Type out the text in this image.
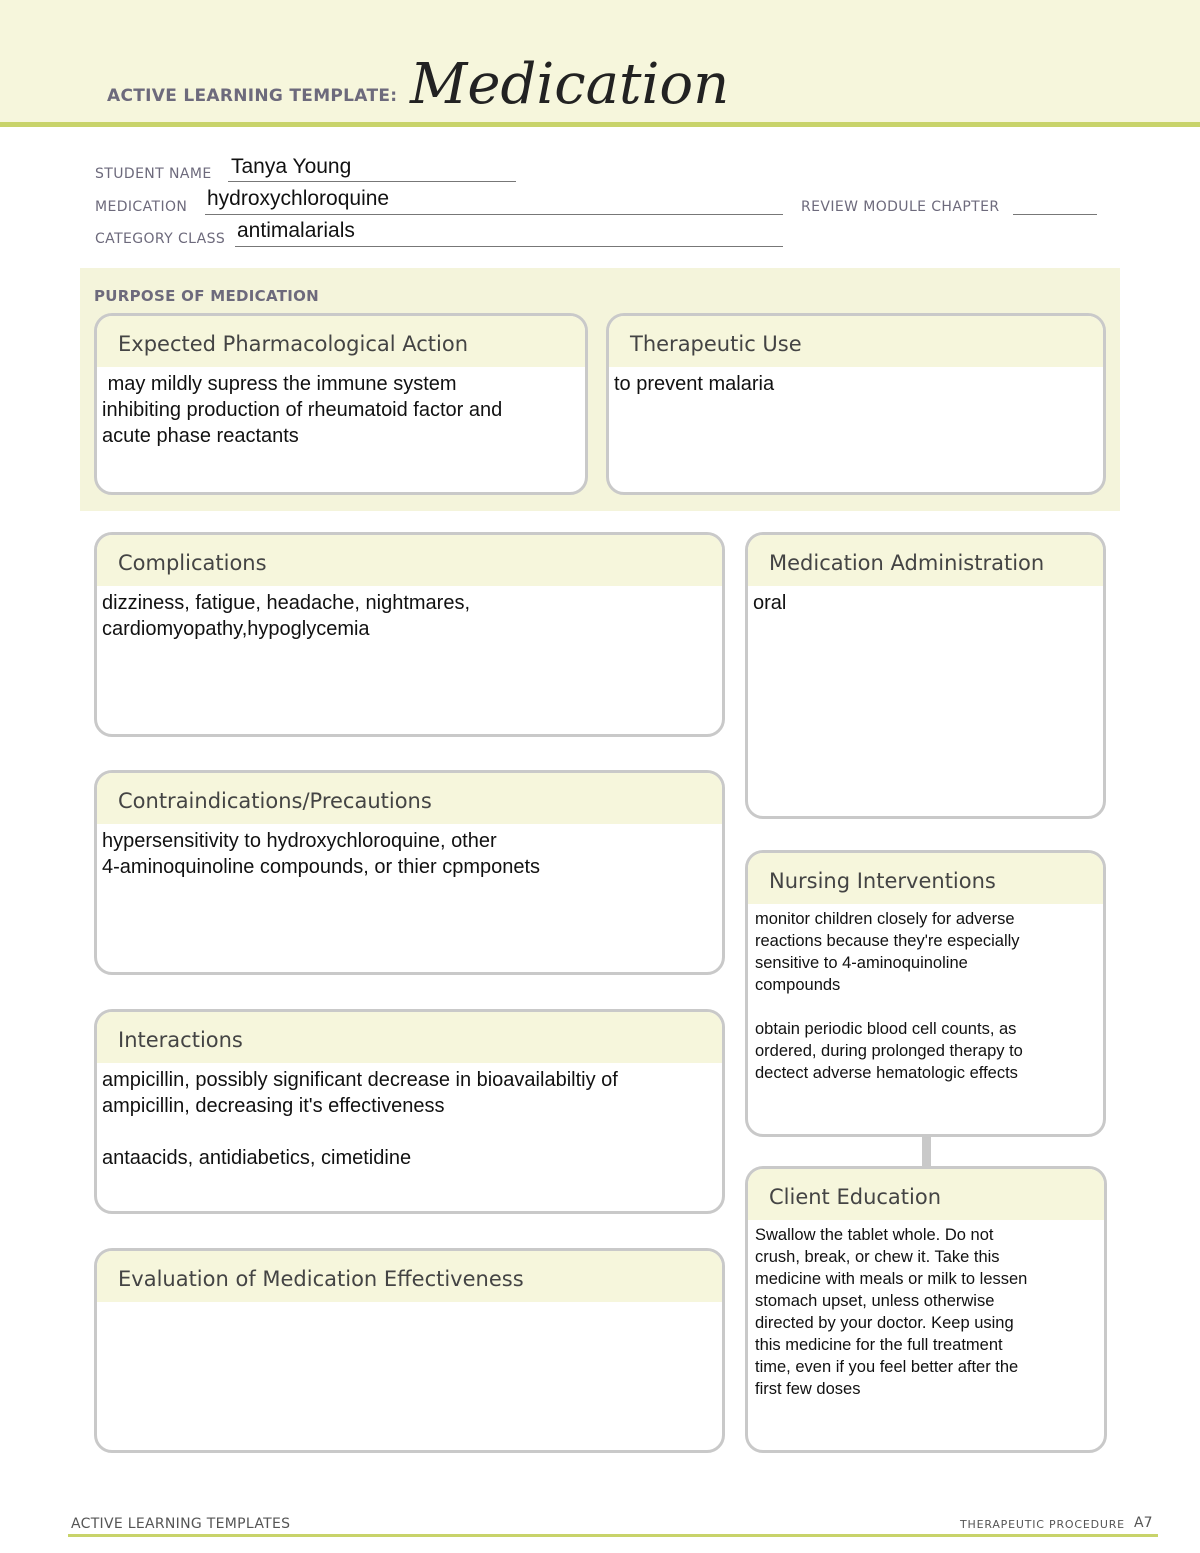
ACTIVE LEARNING TEMPLATE: Medication
STUDENT NAME Tanya Young
MEDICATION hydroxychloroquine	REVIEW MODULE CHAPTER
CATEGORY CLASS antimalarials
PURPOSE OF MEDICATION
Expected Pharmacological Action
may mildly supress the immune system
inhibiting production of rheumatoid factor and
acute phase reactants
Therapeutic Use
to prevent malaria
Complications
dizziness, fatigue, headache, nightmares,
cardiomyopathy,hypoglycemia
Contraindications/Precautions
hypersensitivity to hydroxychloroquine, other
4-aminoquinoline compounds, or thier cpmponets
Interactions
ampicillin, possibly significant decrease in bioavailabiltiy of
ampicillin, decreasing it's effectiveness

antaacids, antidiabetics, cimetidine
Evaluation of Medication Effectiveness
Medication Administration
oral
Nursing Interventions
monitor children closely for adverse
reactions because they're especially
sensitive to 4-aminoquinoline
compounds

obtain periodic blood cell counts, as
ordered, during prolonged therapy to
dectect adverse hematologic effects
Client Education
Swallow the tablet whole. Do not
crush, break, or chew it. Take this
medicine with meals or milk to lessen
stomach upset, unless otherwise
directed by your doctor. Keep using
this medicine for the full treatment
time, even if you feel better after the
first few doses
ACTIVE LEARNING TEMPLATES	THERAPEUTIC PROCEDURE A7
